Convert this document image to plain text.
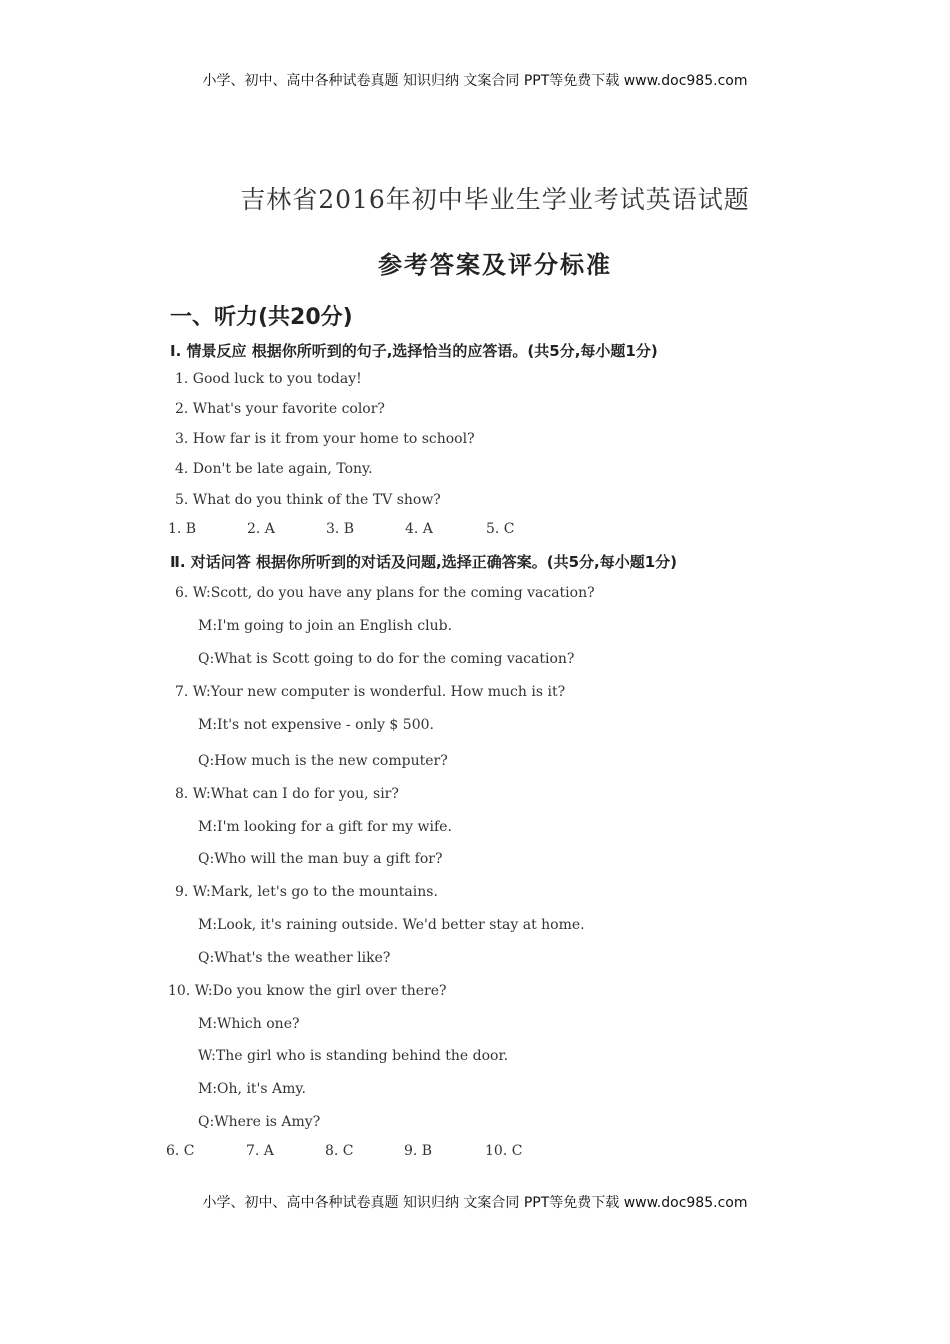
小学、初中、高中各种试卷真题 知识归纳 文案合同 PPT等免费下载 www.doc985.com
吉林省2016年初中毕业生学业考试英语试题
参考答案及评分标准
一、听力(共20分)
Ⅰ. 情景反应 根据你所听到的句子,选择恰当的应答语。(共5分,每小题1分)
1. Good luck to you today!
2. What's your favorite color?
3. How far is it from your home to school?
4. Don't be late again, Tony.
5. What do you think of the TV show?
1. B	2. A	3. B	4. A	5. C
Ⅱ. 对话问答 根据你所听到的对话及问题,选择正确答案。(共5分,每小题1分)
6. W:Scott, do you have any plans for the coming vacation?
M:I'm going to join an English club.
Q:What is Scott going to do for the coming vacation?
7. W:Your new computer is wonderful. How much is it?
M:It's not expensive - only $ 500.
Q:How much is the new computer?
8. W:What can I do for you, sir?
M:I'm looking for a gift for my wife.
Q:Who will the man buy a gift for?
9. W:Mark, let's go to the mountains.
M:Look, it's raining outside. We'd better stay at home.
Q:What's the weather like?
10. W:Do you know the girl over there?
M:Which one?
W:The girl who is standing behind the door.
M:Oh, it's Amy.
Q:Where is Amy?
6. C	7. A	8. C	9. B	10. C
小学、初中、高中各种试卷真题 知识归纳 文案合同 PPT等免费下载 www.doc985.com
